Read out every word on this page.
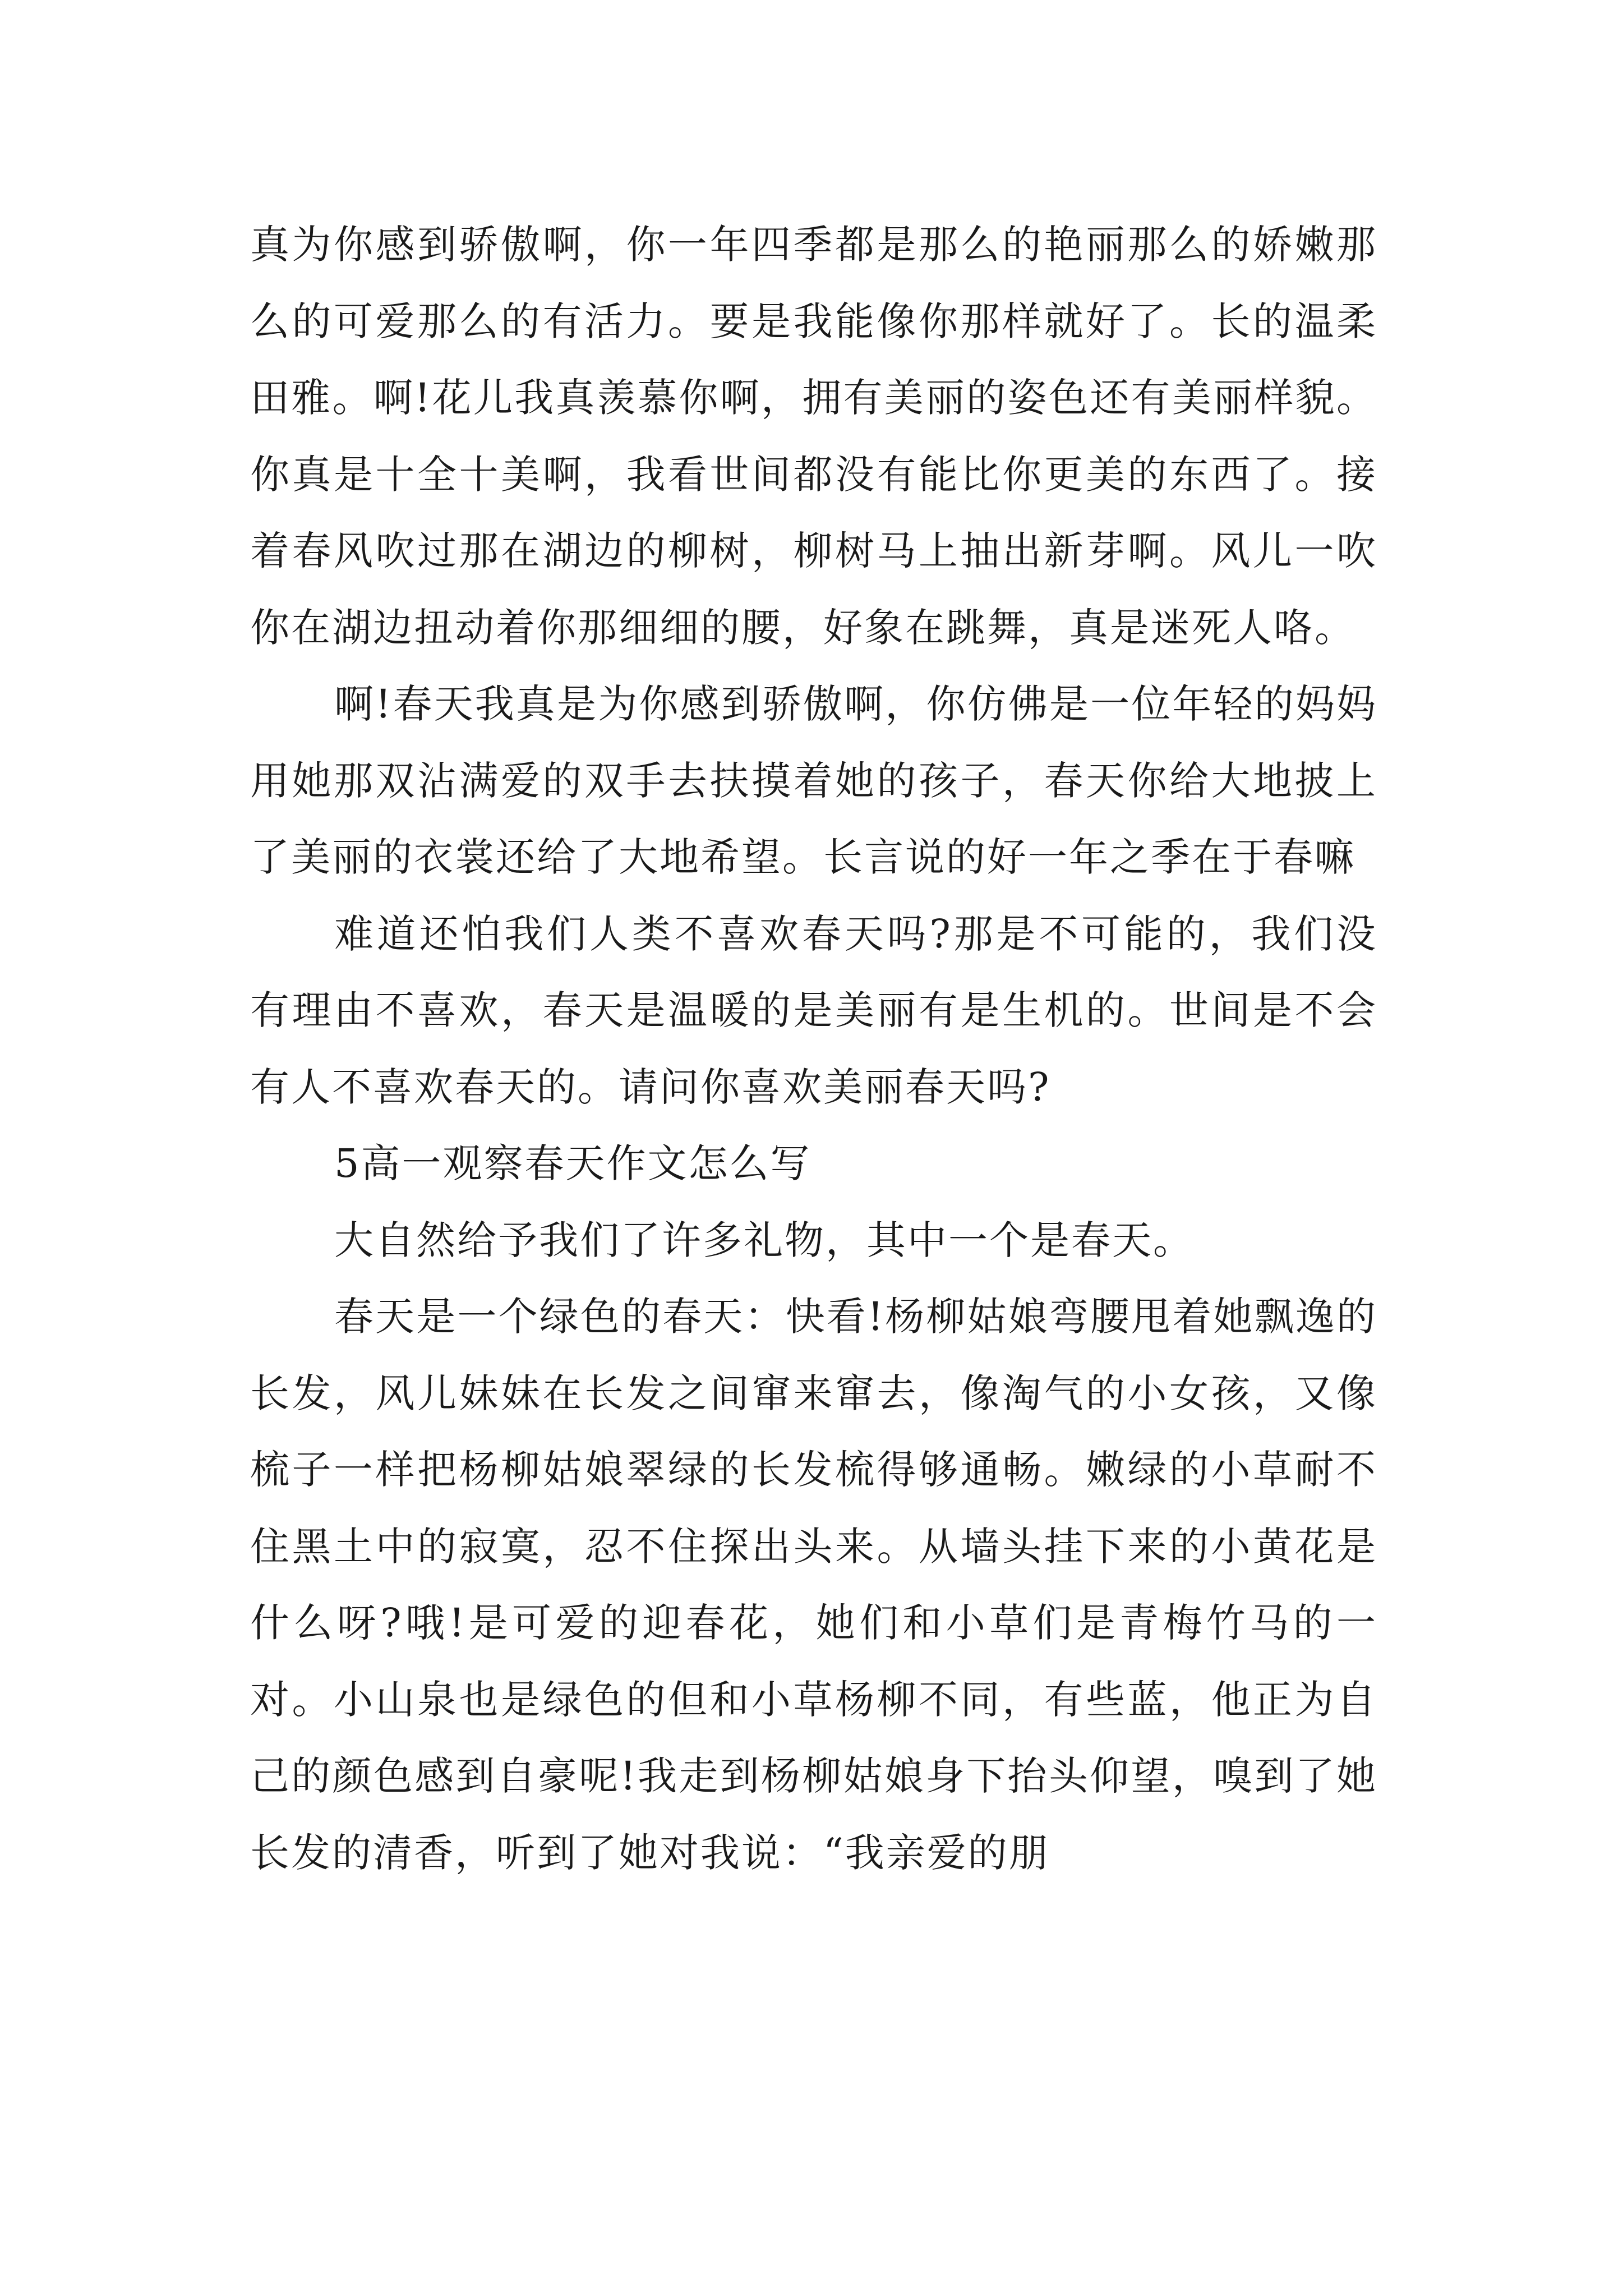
真为你感到骄傲啊，你一年四季都是那么的艳丽那么的娇嫩那么的可爱那么的有活力。要是我能像你那样就好了。长的温柔田雅。啊!花儿我真羡慕你啊，拥有美丽的姿色还有美丽样貌。你真是十全十美啊，我看世间都没有能比你更美的东西了。接着春风吹过那在湖边的柳树，柳树马上抽出新芽啊。风儿一吹你在湖边扭动着你那细细的腰，好象在跳舞，真是迷死人咯。

啊!春天我真是为你感到骄傲啊，你仿佛是一位年轻的妈妈用她那双沾满爱的双手去扶摸着她的孩子，春天你给大地披上了美丽的衣裳还给了大地希望。长言说的好一年之季在于春嘛

难道还怕我们人类不喜欢春天吗?那是不可能的，我们没有理由不喜欢，春天是温暖的是美丽有是生机的。世间是不会有人不喜欢春天的。请问你喜欢美丽春天吗?

5高一观察春天作文怎么写

大自然给予我们了许多礼物，其中一个是春天。

春天是一个绿色的春天：快看!杨柳姑娘弯腰甩着她飘逸的长发，风儿妹妹在长发之间窜来窜去，像淘气的小女孩，又像梳子一样把杨柳姑娘翠绿的长发梳得够通畅。嫩绿的小草耐不住黑土中的寂寞，忍不住探出头来。从墙头挂下来的小黄花是什么呀?哦!是可爱的迎春花，她们和小草们是青梅竹马的一对。小山泉也是绿色的但和小草杨柳不同，有些蓝，他正为自己的颜色感到自豪呢!我走到杨柳姑娘身下抬头仰望，嗅到了她长发的清香，听到了她对我说：“我亲爱的朋
